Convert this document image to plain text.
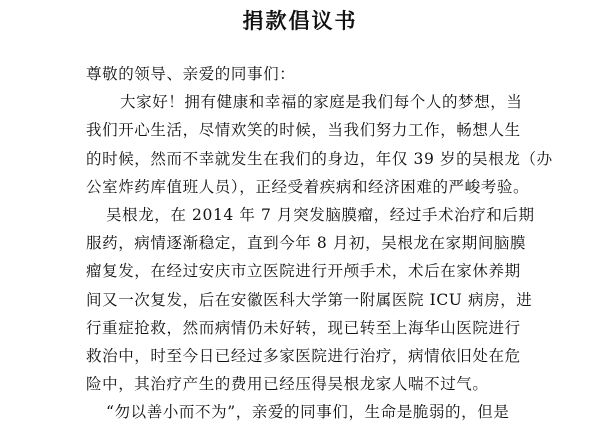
捐款倡议书
尊敬的领导、亲爱的同事们：
大家好！拥有健康和幸福的家庭是我们每个人的梦想，当
我们开心生活，尽情欢笑的时候，当我们努力工作，畅想人生
的时候，然而不幸就发生在我们的身边，年仅 39 岁的吴根龙（办
公室炸药库值班人员），正经受着疾病和经济困难的严峻考验。
吴根龙，在 2014 年 7 月突发脑膜瘤，经过手术治疗和后期
服药，病情逐渐稳定，直到今年 8 月初，吴根龙在家期间脑膜
瘤复发，在经过安庆市立医院进行开颅手术，术后在家休养期
间又一次复发，后在安徽医科大学第一附属医院 ICU 病房，进
行重症抢救，然而病情仍未好转，现已转至上海华山医院进行
救治中，时至今日已经过多家医院进行治疗，病情依旧处在危
险中，其治疗产生的费用已经压得吴根龙家人喘不过气。
“勿以善小而不为”，亲爱的同事们，生命是脆弱的，但是
